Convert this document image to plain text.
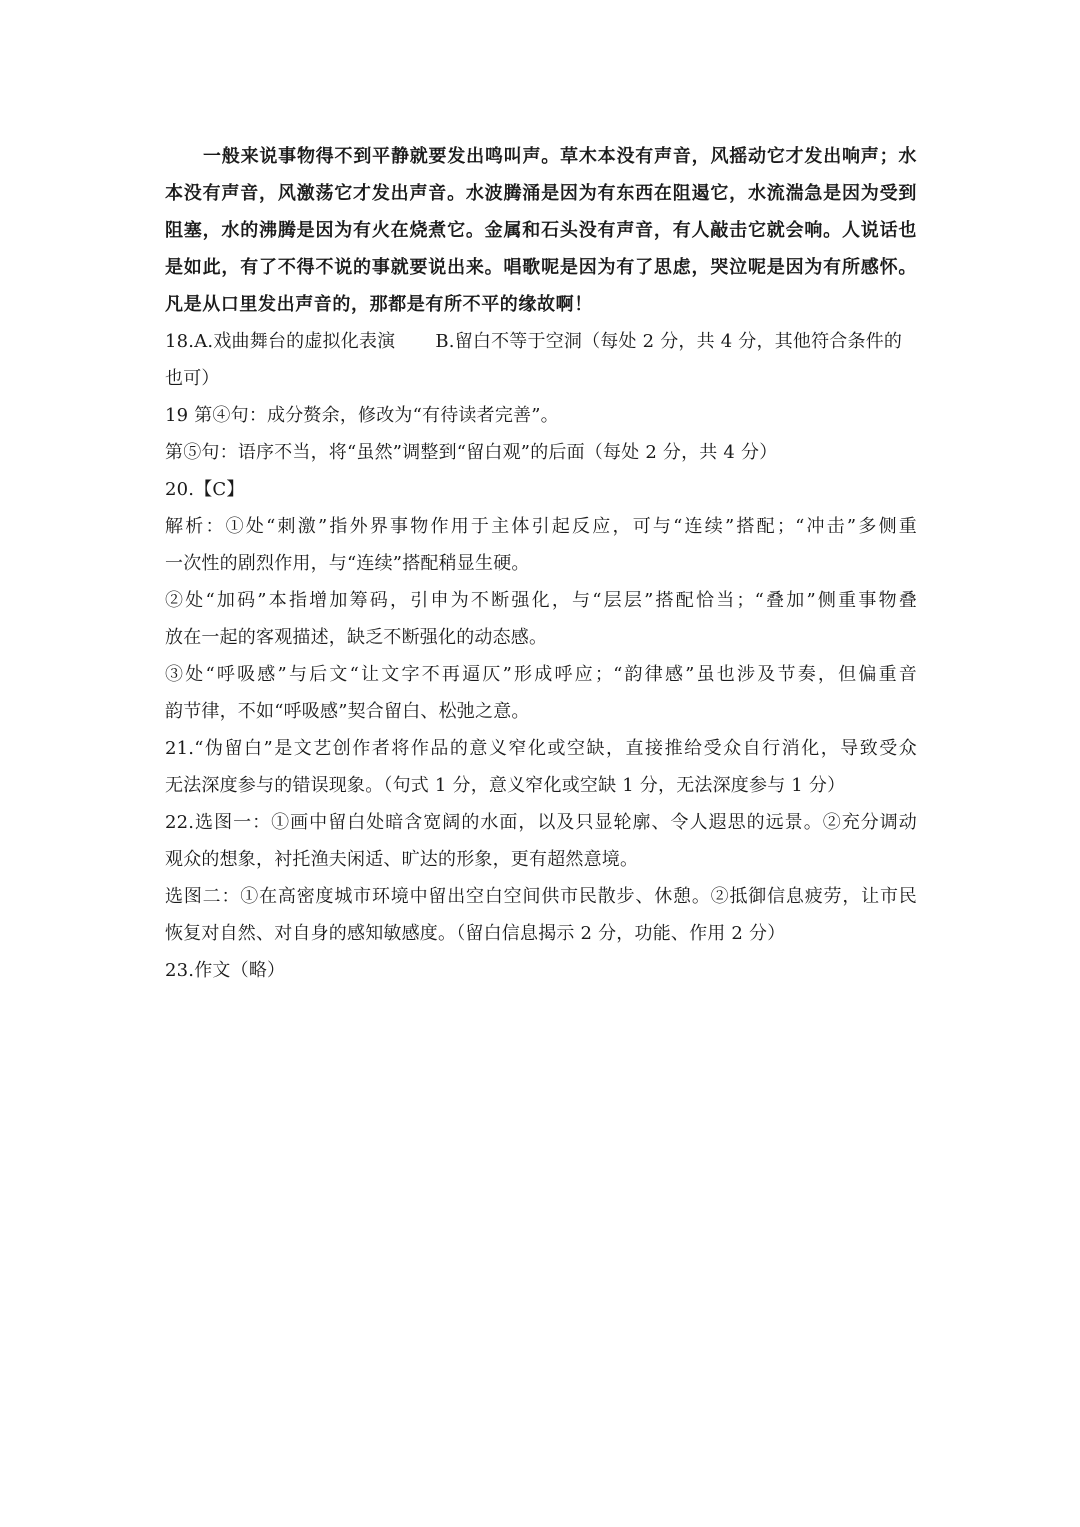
一般来说事物得不到平静就要发出鸣叫声。草木本没有声音，风摇动它才发出响声；水
本没有声音，风激荡它才发出声音。水波腾涌是因为有东西在阻遏它，水流湍急是因为受到
阻塞，水的沸腾是因为有火在烧煮它。金属和石头没有声音，有人敲击它就会响。人说话也
是如此，有了不得不说的事就要说出来。唱歌呢是因为有了思虑，哭泣呢是因为有所感怀。
凡是从口里发出声音的，那都是有所不平的缘故啊！
18.A.戏曲舞台的虚拟化表演 B.留白不等于空洞（每处 2 分，共 4 分，其他符合条件的
也可）
19 第④句：成分赘余，修改为“有待读者完善”。
第⑤句：语序不当，将“虽然”调整到“留白观”的后面（每处 2 分，共 4 分）
20.【C】
解析：①处“刺激”指外界事物作用于主体引起反应，可与“连续”搭配；“冲击”多侧重
一次性的剧烈作用，与“连续”搭配稍显生硬。
②处“加码”本指增加筹码，引申为不断强化，与“层层”搭配恰当；“叠加”侧重事物叠
放在一起的客观描述，缺乏不断强化的动态感。
③处“呼吸感”与后文“让文字不再逼仄”形成呼应；“韵律感”虽也涉及节奏，但偏重音
韵节律，不如“呼吸感”契合留白、松弛之意。
21.“伪留白”是文艺创作者将作品的意义窄化或空缺，直接推给受众自行消化，导致受众
无法深度参与的错误现象。（句式 1 分，意义窄化或空缺 1 分，无法深度参与 1 分）
22.选图一：①画中留白处暗含宽阔的水面，以及只显轮廓、令人遐思的远景。②充分调动
观众的想象，衬托渔夫闲适、旷达的形象，更有超然意境。
选图二：①在高密度城市环境中留出空白空间供市民散步、休憩。②抵御信息疲劳，让市民
恢复对自然、对自身的感知敏感度。（留白信息揭示 2 分，功能、作用 2 分）
23.作文（略）
